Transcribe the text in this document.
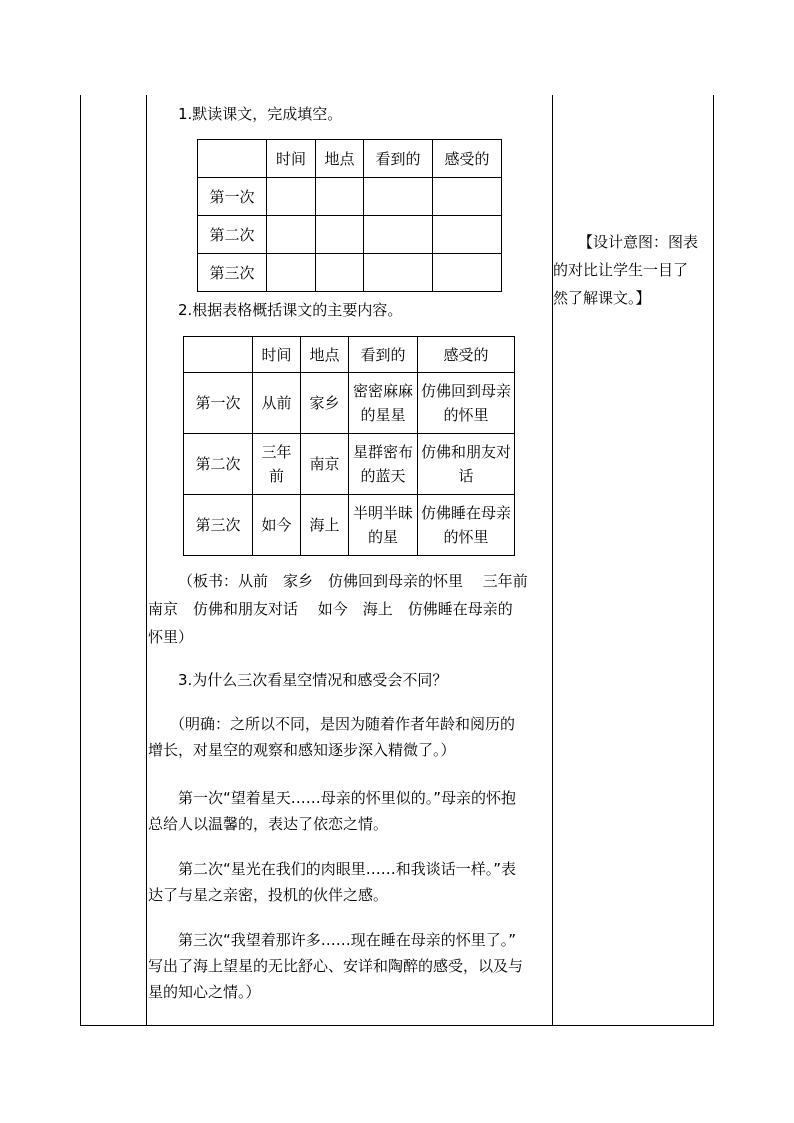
1.默读课文，完成填空。
	时间	地点	看到的	感受的
第一次				
第二次				
第三次				
2.根据表格概括课文的主要内容。
	时间	地点	看到的	感受的
第一次	从前	家乡	密密麻麻的星星	仿佛回到母亲的怀里
第二次	三年前	南京	星群密布的蓝天	仿佛和朋友对话
第三次	如今	海上	半明半昧的星	仿佛睡在母亲的怀里
（板书：从前　家乡　仿佛回到母亲的怀里　 三年前
南京　仿佛和朋友对话　 如今　海上　仿佛睡在母亲的
怀里）
3.为什么三次看星空情况和感受会不同？
（明确：之所以不同，是因为随着作者年龄和阅历的
增长，对星空的观察和感知逐步深入精微了。）
第一次“望着星天……母亲的怀里似的。”母亲的怀抱
总给人以温馨的，表达了依恋之情。
第二次“星光在我们的肉眼里……和我谈话一样。”表
达了与星之亲密，投机的伙伴之感。
第三次“我望着那许多……现在睡在母亲的怀里了。”
写出了海上望星的无比舒心、安详和陶醉的感受，以及与
星的知心之情。）
【设计意图：图表
的对比让学生一目了
然了解课文。】
